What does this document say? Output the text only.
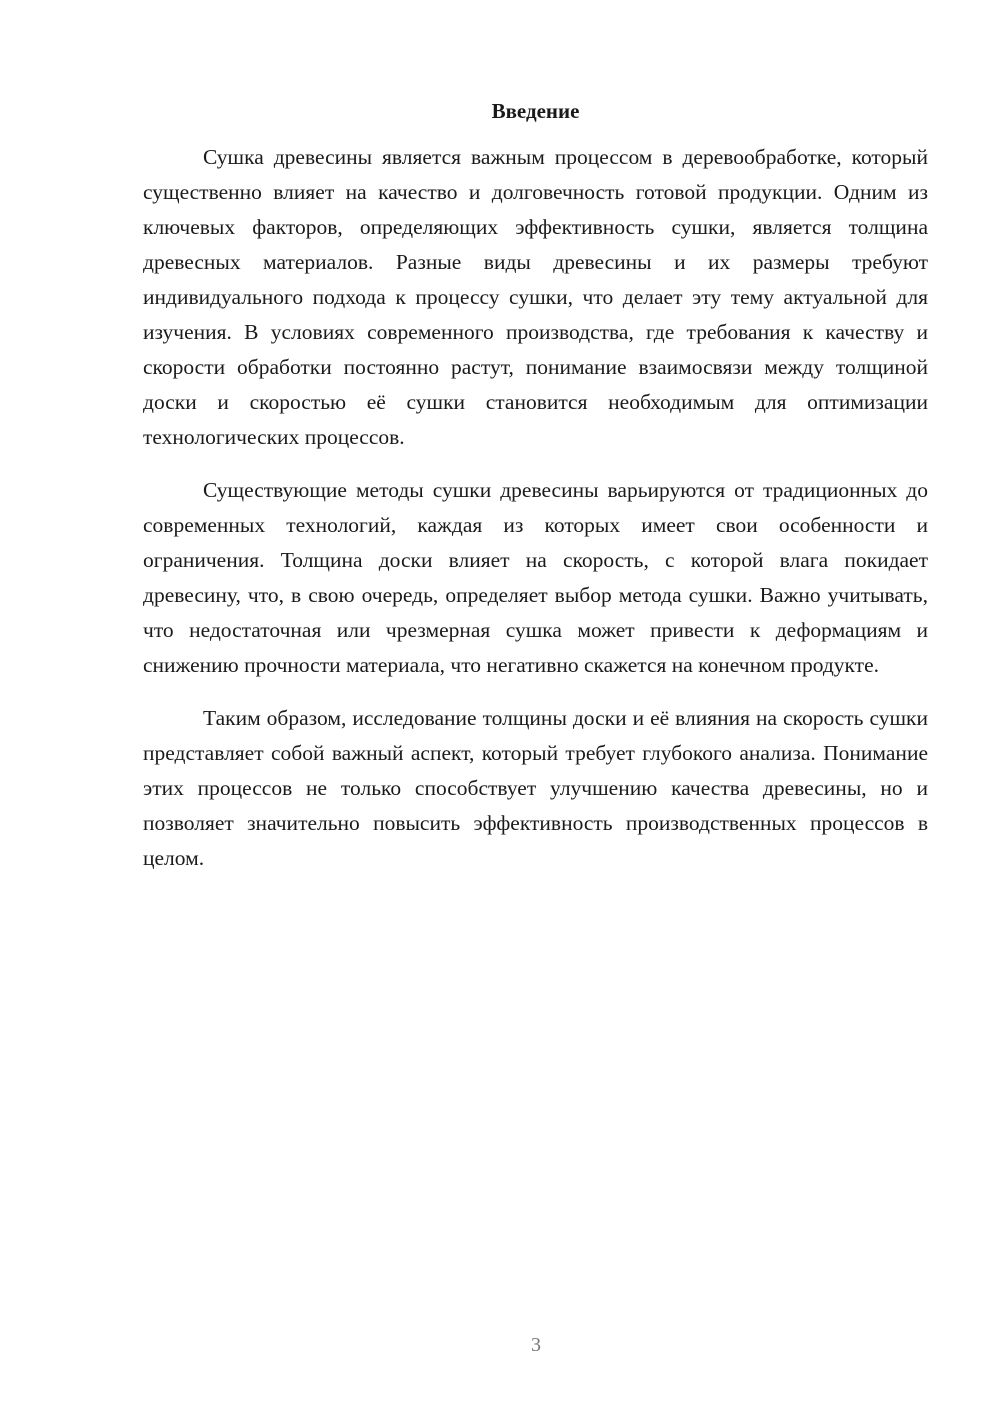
Введение

Сушка древесины является важным процессом в деревообработке, который существенно влияет на качество и долговечность готовой продукции. Одним из ключевых факторов, определяющих эффективность сушки, является толщина древесных материалов. Разные виды древесины и их размеры требуют индивидуального подхода к процессу сушки, что делает эту тему актуальной для изучения. В условиях современного производства, где требования к качеству и скорости обработки постоянно растут, понимание взаимосвязи между толщиной доски и скоростью её сушки становится необходимым для оптимизации технологических процессов.

Существующие методы сушки древесины варьируются от традиционных до современных технологий, каждая из которых имеет свои особенности и ограничения. Толщина доски влияет на скорость, с которой влага покидает древесину, что, в свою очередь, определяет выбор метода сушки. Важно учитывать, что недостаточная или чрезмерная сушка может привести к деформациям и снижению прочности материала, что негативно скажется на конечном продукте.

Таким образом, исследование толщины доски и её влияния на скорость сушки представляет собой важный аспект, который требует глубокого анализа. Понимание этих процессов не только способствует улучшению качества древесины, но и позволяет значительно повысить эффективность производственных процессов в целом.

3
